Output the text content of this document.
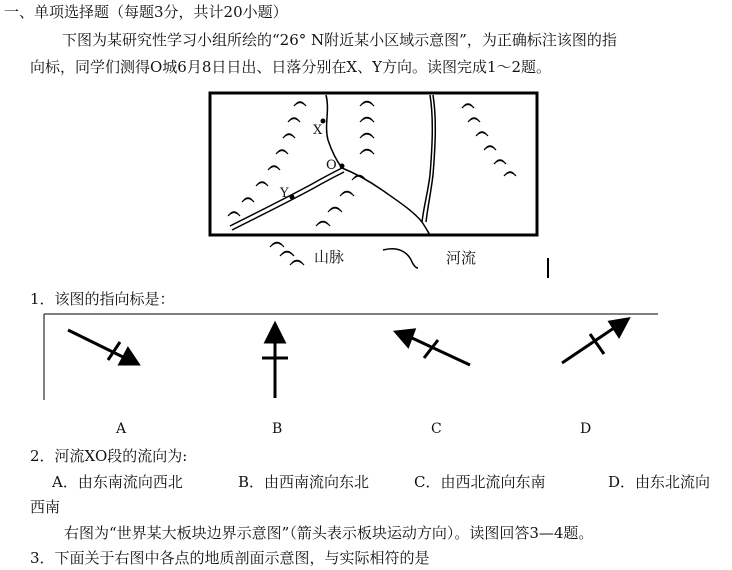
一、单项选择题（每题3分，共计20小题）
下图为某研究性学习小组所绘的“26° N附近某小区域示意图”，为正确标注该图的指
向标，同学们测得O城6月8日日出、日落分别在X、Y方向。读图完成1～2题。
X
O
Y
山脉	河流
1．该图的指向标是：
A	B	C	D
2．河流XO段的流向为:
A．由东南流向西北	B．由西南流向东北	C．由西北流向东南	D．由东北流向
西南
右图为“世界某大板块边界示意图”（箭头表示板块运动方向）。读图回答3—4题。
3．下面关于右图中各点的地质剖面示意图，与实际相符的是
